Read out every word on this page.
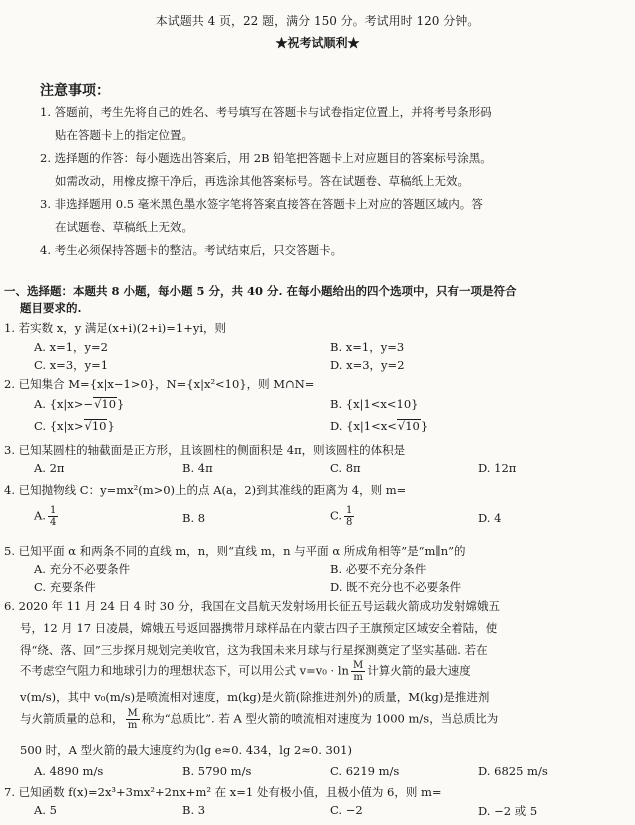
本试题共 4 页，22 题，满分 150 分。考试用时 120 分钟。
★祝考试顺利★
注意事项：
1. 答题前，考生先将自己的姓名、考号填写在答题卡与试卷指定位置上，并将考号条形码
贴在答题卡上的指定位置。
2. 选择题的作答：每小题选出答案后，用 2B 铅笔把答题卡上对应题目的答案标号涂黑。
如需改动，用橡皮擦干净后，再选涂其他答案标号。答在试题卷、草稿纸上无效。
3. 非选择题用 0.5 毫米黑色墨水签字笔将答案直接答在答题卡上对应的答题区域内。答
在试题卷、草稿纸上无效。
4. 考生必须保持答题卡的整洁。考试结束后，只交答题卡。
一、选择题：本题共 8 小题，每小题 5 分，共 40 分. 在每小题给出的四个选项中，只有一项是符合
题目要求的.
1. 若实数 x，y 满足(x+i)(2+i)=1+yi，则
A. x=1，y=2	B. x=1，y=3
C. x=3，y=1	D. x=3，y=2
2. 已知集合 M={x|x−1>0}，N={x|x²<10}，则 M∩N=
A. {x|x>−√10}	B. {x|1<x<10}
C. {x|x>√10}	D. {x|1<x<√10}
3. 已知某圆柱的轴截面是正方形，且该圆柱的侧面积是 4π，则该圆柱的体积是
A. 2π	B. 4π	C. 8π	D. 12π
4. 已知抛物线 C：y=mx²(m>0)上的点 A(a，2)到其准线的距离为 4，则 m=
A. $\frac{1}{4}$	B. 8	C. $\frac{1}{8}$	D. 4
5. 已知平面 α 和两条不同的直线 m，n，则“直线 m，n 与平面 α 所成角相等”是“m∥n”的
A. 充分不必要条件	B. 必要不充分条件
C. 充要条件	D. 既不充分也不必要条件
6. 2020 年 11 月 24 日 4 时 30 分，我国在文昌航天发射场用长征五号运载火箭成功发射嫦娥五
号，12 月 17 日凌晨，嫦娥五号返回器携带月球样品在内蒙古四子王旗预定区域安全着陆，使
得“绕、落、回”三步探月规划完美收官，这为我国未来月球与行星探测奠定了坚实基础. 若在
不考虑空气阻力和地球引力的理想状态下，可以用公式 $v=v_0 \cdot \ln \frac{M}{m}$ 计算火箭的最大速度
v(m/s)，其中 v₀(m/s)是喷流相对速度，m(kg)是火箭(除推进剂外)的质量，M(kg)是推进剂
与火箭质量的总和， $\frac{M}{m}$ 称为“总质比”. 若 A 型火箭的喷流相对速度为 1000 m/s，当总质比为
500 时，A 型火箭的最大速度约为(lg e≈0. 434，lg 2≈0. 301)
A. 4890 m/s	B. 5790 m/s	C. 6219 m/s	D. 6825 m/s
7. 已知函数 f(x)=2x³+3mx²+2nx+m² 在 x=1 处有极小值，且极小值为 6，则 m=
A. 5	B. 3	C. −2	D. −2 或 5
